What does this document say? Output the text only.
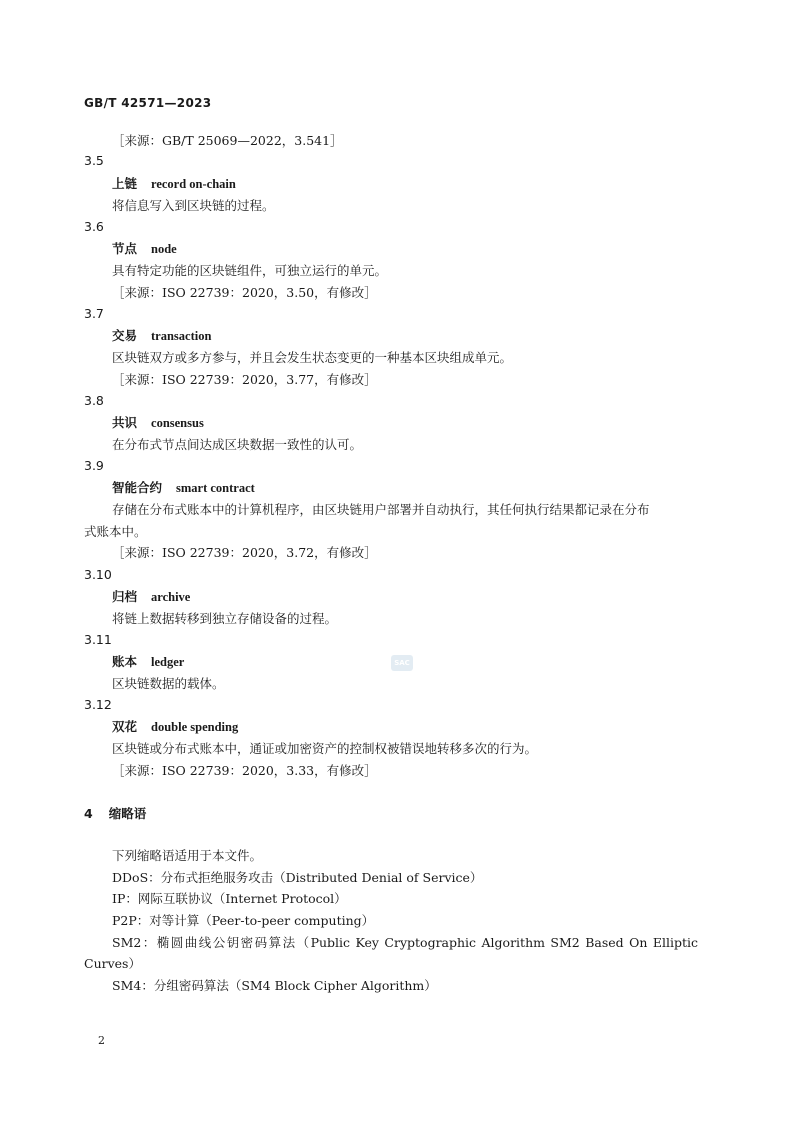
GB/T 42571—2023
［来源：GB/T 25069—2022，3.541］
3.5
上链 record on-chain
将信息写入到区块链的过程。
3.6
节点 node
具有特定功能的区块链组件，可独立运行的单元。
［来源：ISO 22739：2020，3.50，有修改］
3.7
交易 transaction
区块链双方或多方参与，并且会发生状态变更的一种基本区块组成单元。
［来源：ISO 22739：2020，3.77，有修改］
3.8
共识 consensus
在分布式节点间达成区块数据一致性的认可。
3.9
智能合约 smart contract
存储在分布式账本中的计算机程序，由区块链用户部署并自动执行，其任何执行结果都记录在分布
式账本中。
［来源：ISO 22739：2020，3.72，有修改］
3.10
归档 archive
将链上数据转移到独立存储设备的过程。
3.11
账本 ledger
区块链数据的载体。
SAC
3.12
双花 double spending
区块链或分布式账本中，通证或加密资产的控制权被错误地转移多次的行为。
［来源：ISO 22739：2020，3.33，有修改］
4 缩略语
下列缩略语适用于本文件。
DDoS：分布式拒绝服务攻击（Distributed Denial of Service）
IP：网际互联协议（Internet Protocol）
P2P：对等计算（Peer-to-peer computing）
SM2：椭圆曲线公钥密码算法（Public Key Cryptographic Algorithm SM2 Based On Elliptic
Curves）
SM4：分组密码算法（SM4 Block Cipher Algorithm）
2
